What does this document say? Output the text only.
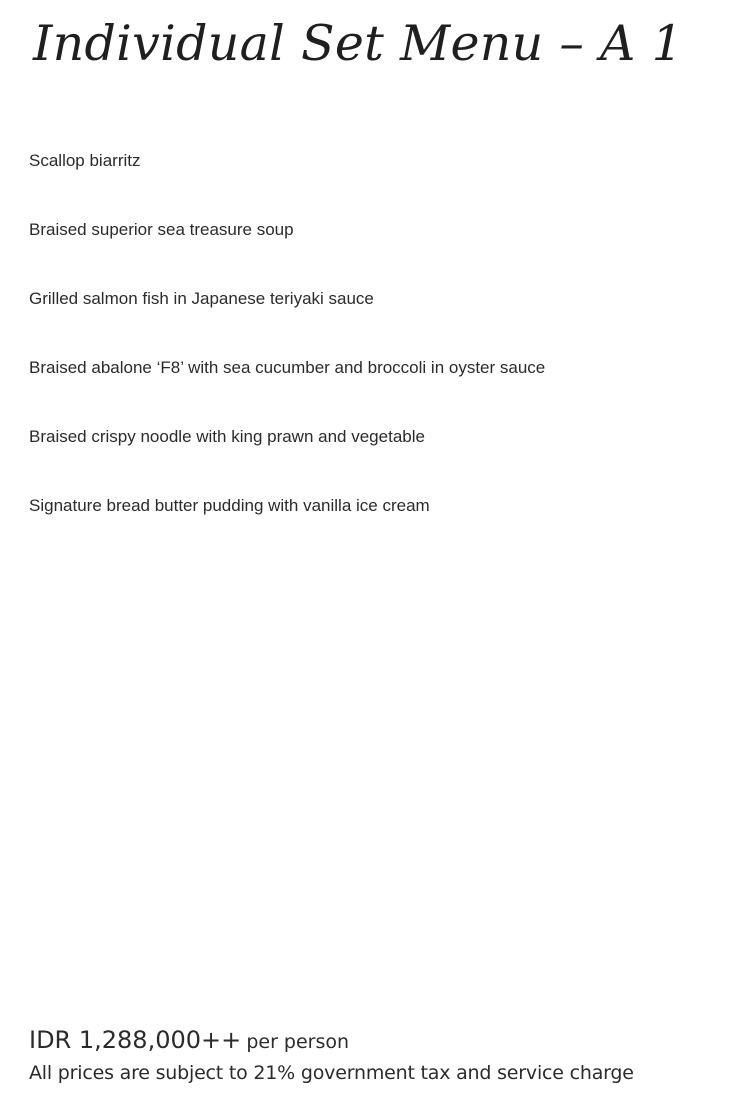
Individual Set Menu – A 1
Scallop biarritz
Braised superior sea treasure soup
Grilled salmon fish in Japanese teriyaki sauce
Braised abalone ‘F8’ with sea cucumber and broccoli in oyster sauce
Braised crispy noodle with king prawn and vegetable
Signature bread butter pudding with vanilla ice cream
IDR 1,288,000++ per person
All prices are subject to 21% government tax and service charge
